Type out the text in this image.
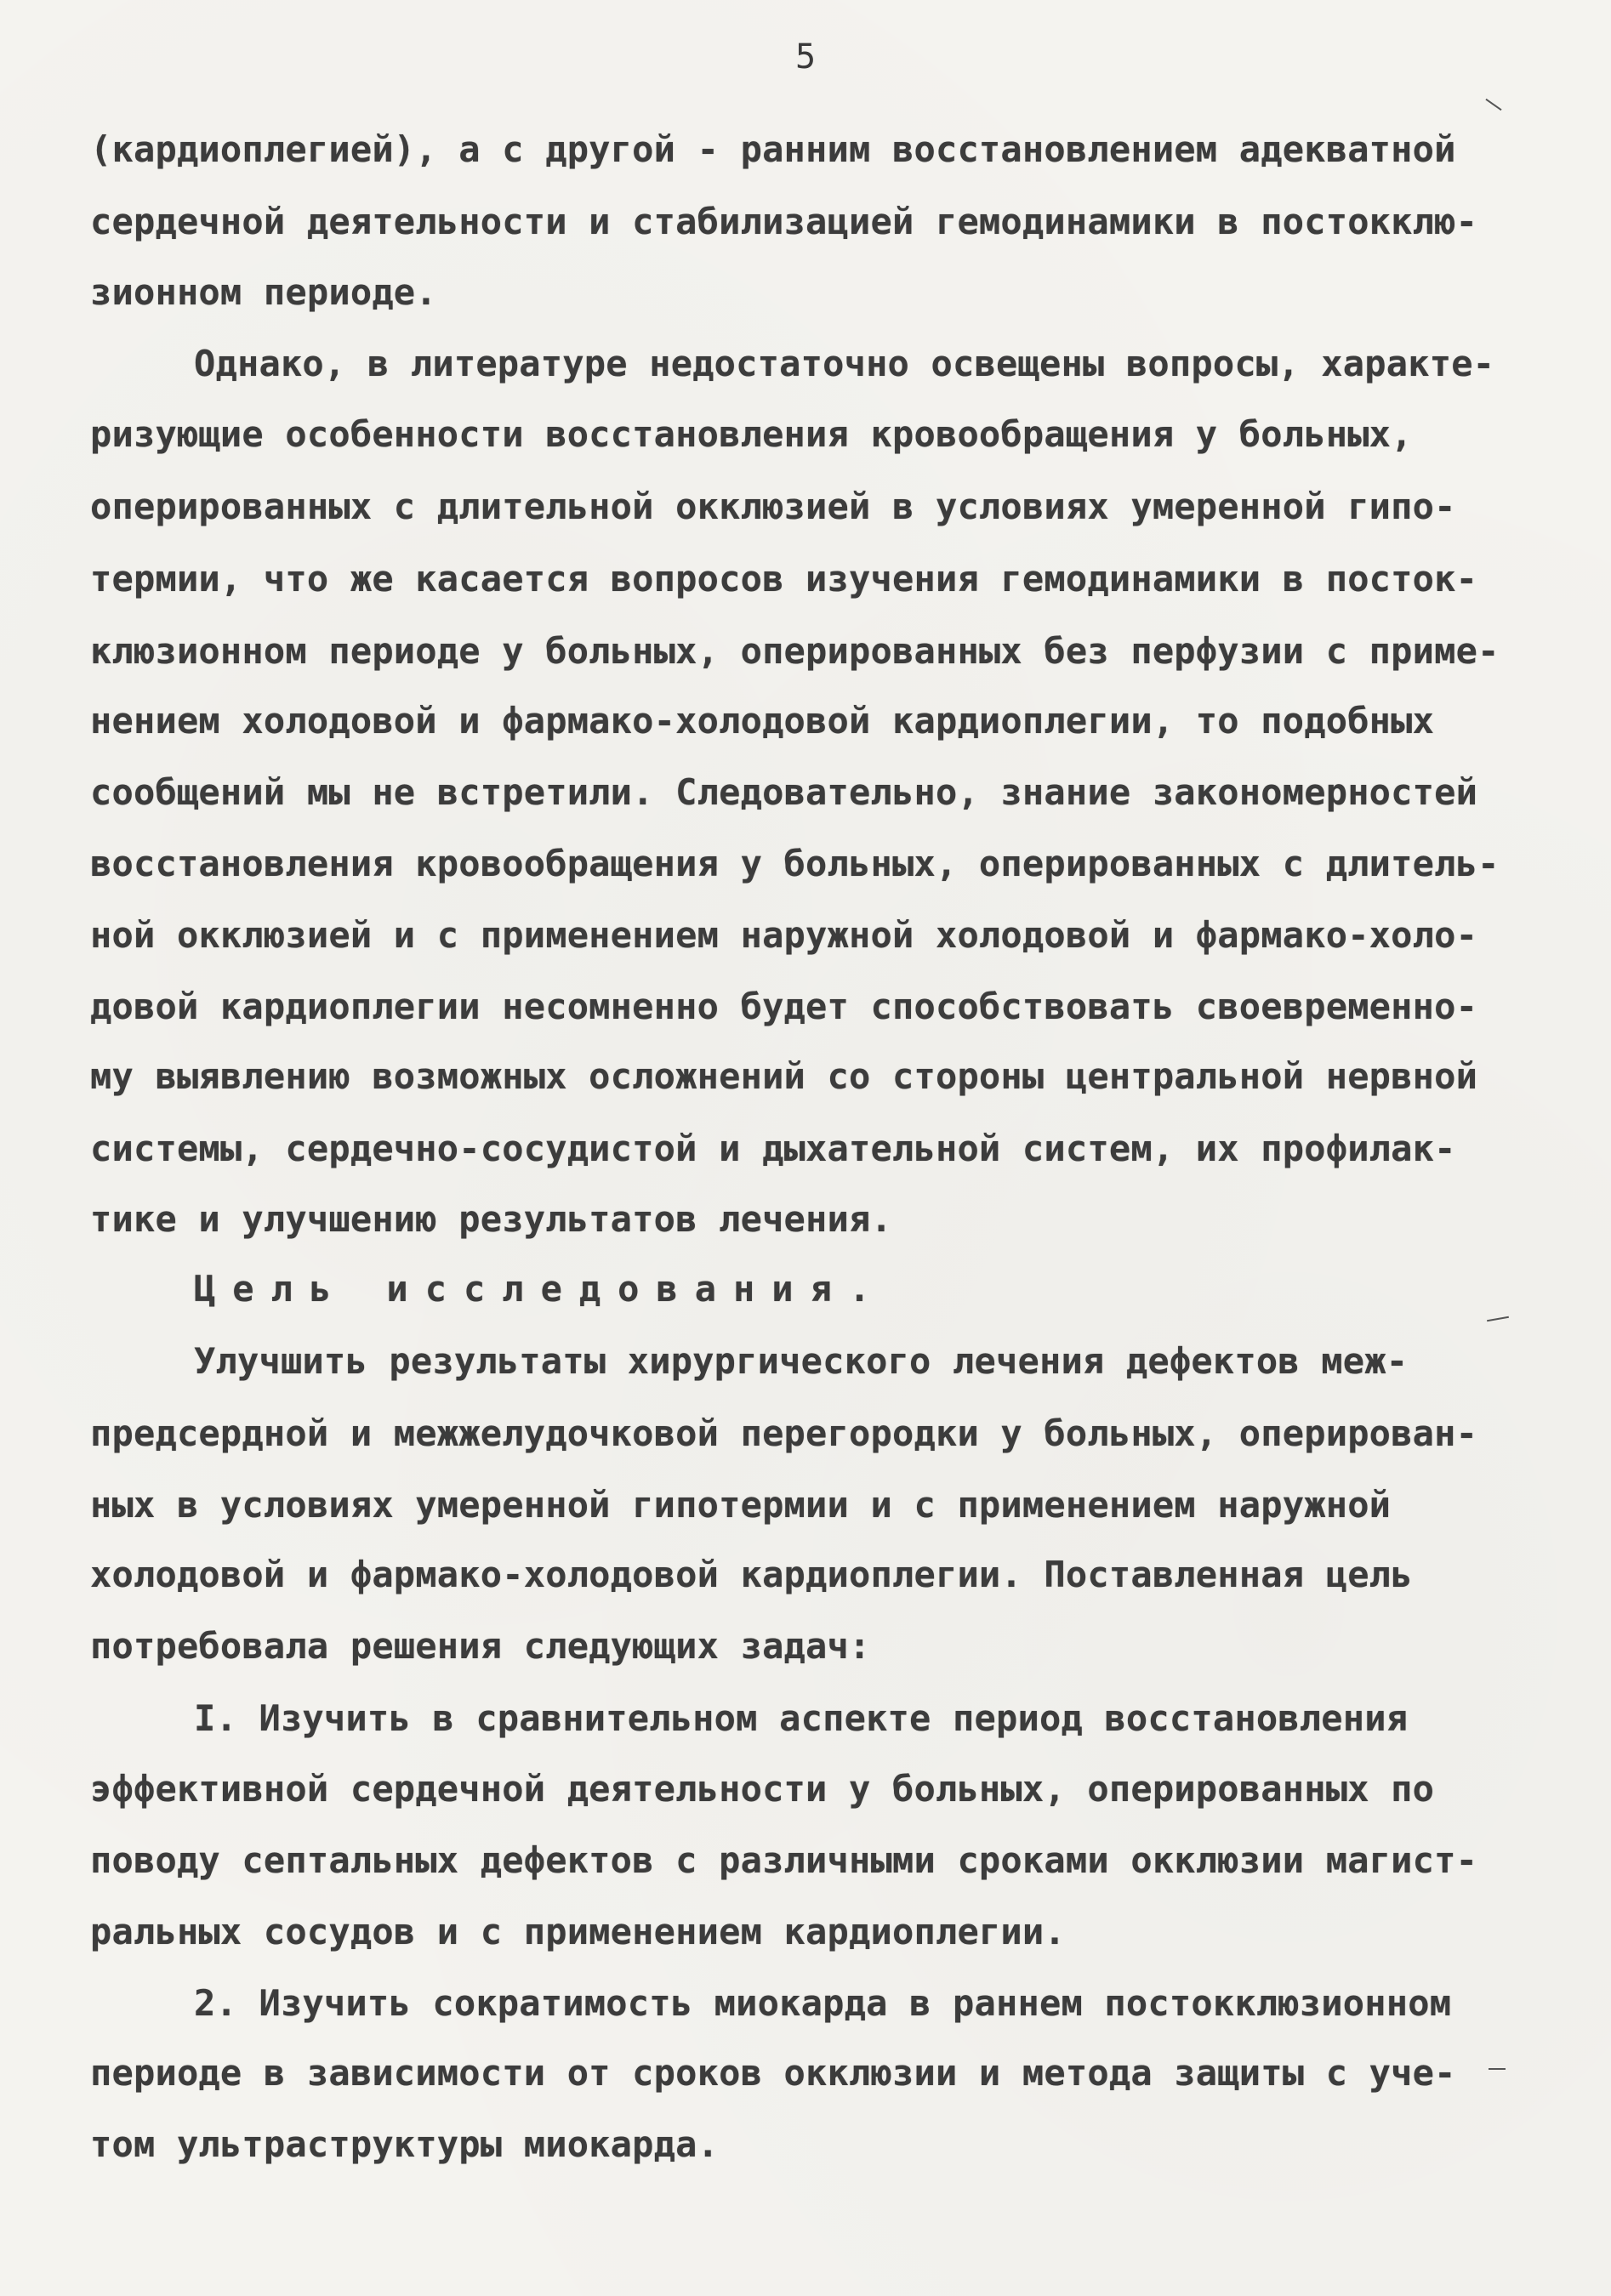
5
(кардиоплегией), а с другой - ранним восстановлением адекватной
сердечной деятельности и стабилизацией гемодинамики в постокклю-
зионном периоде.
Однако, в литературе недостаточно освещены вопросы, характе-
ризующие особенности восстановления кровообращения у больных,
оперированных с длительной окклюзией в условиях умеренной гипо-
термии, что же касается вопросов изучения гемодинамики в посток-
клюзионном периоде у больных, оперированных без перфузии с приме-
нением холодовой и фармако-холодовой кардиоплегии, то подобных
сообщений мы не встретили. Следовательно, знание закономерностей
восстановления кровообращения у больных, оперированных с длитель-
ной окклюзией и с применением наружной холодовой и фармако-холо-
довой кардиоплегии несомненно будет способствовать своевременно-
му выявлению возможных осложнений со стороны центральной нервной
системы, сердечно-сосудистой и дыхательной систем, их профилак-
тике и улучшению результатов лечения.
Цель исследования.
Улучшить результаты хирургического лечения дефектов меж-
предсердной и межжелудочковой перегородки у больных, оперирован-
ных в условиях умеренной гипотермии и с применением наружной
холодовой и фармако-холодовой кардиоплегии. Поставленная цель
потребовала решения следующих задач:
I. Изучить в сравнительном аспекте период восстановления
эффективной сердечной деятельности у больных, оперированных по
поводу септальных дефектов с различными сроками окклюзии магист-
ральных сосудов и с применением кардиоплегии.
2. Изучить сократимость миокарда в раннем постокклюзионном
периоде в зависимости от сроков окклюзии и метода защиты с уче-
том ультраструктуры миокарда.
